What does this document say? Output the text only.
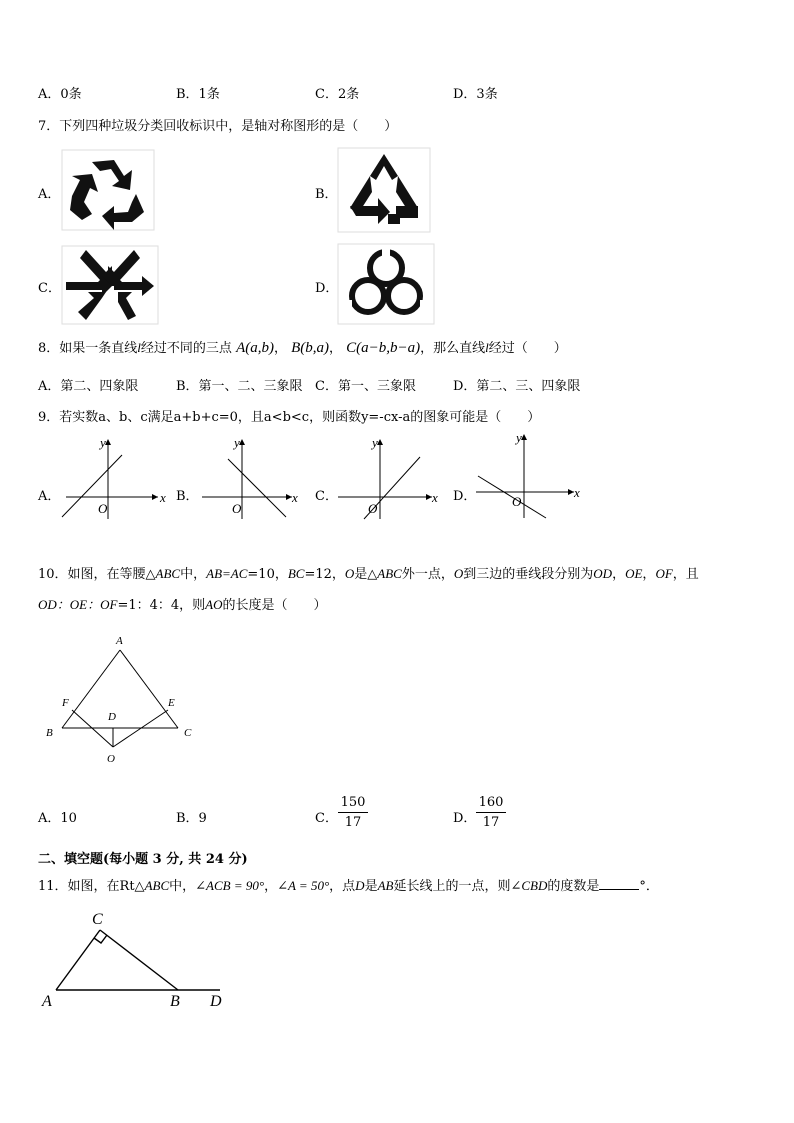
A．0条	B．1条	C．2条	D．3条
7．下列四种垃圾分类回收标识中，是轴对称图形的是（　　）
A．	B．
C．	D．
8．如果一条直线l经过不同的三点 A(a,b)， B(b,a)， C(a−b,b−a)，那么直线l经过（　　）
A．第二、四象限	B．第一、二、三象限 C．第一、三象限	D．第二、三、四象限
9．若实数a、b、c满足a+b+c=0，且a<b<c，则函数y=-cx-a的图象可能是（　　）
A．	x
y
O
B．	x
y
O
C．	x
y
O
D．	x
y
O
10．如图，在等腰△ABC中，AB=AC=10，BC=12，O是△ABC外一点，O到三边的垂线段分别为OD，OE，OF，且
OD：OE：OF=1：4：4，则AO的长度是（　　）
A
B	C
D
E
F
O
A．10	B．9	C．
150
17	D．
160
17
二、填空题(每小题 3 分, 共 24 分)
11．如图，在Rt△ABC中，∠ACB = 90°，∠A = 50°，点D是AB延长线上的一点，则∠CBD的度数是	°．
C
A	B D
